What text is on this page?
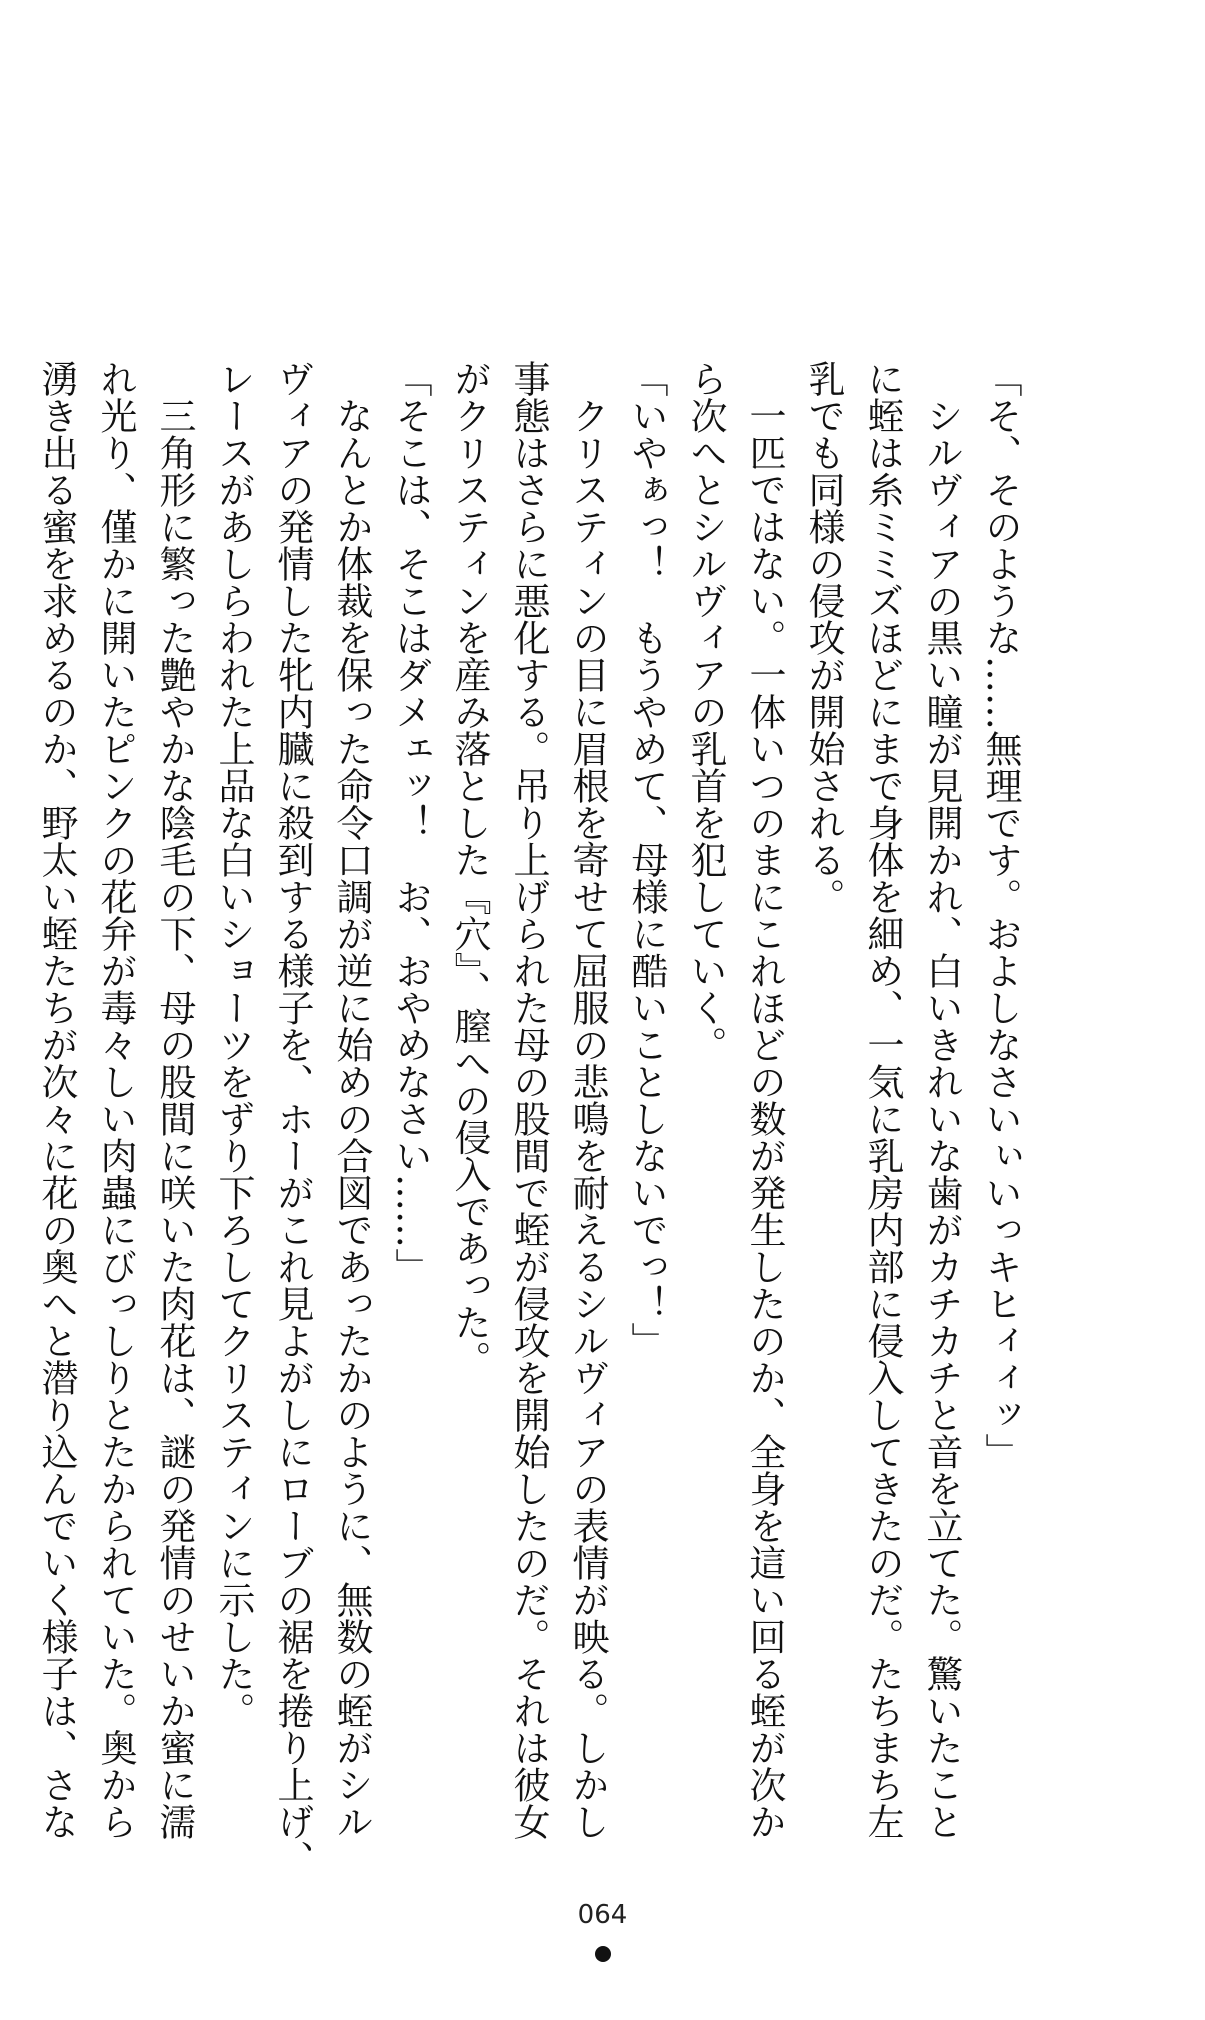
「そ、そのような……無理です。およしなさいぃいっキヒィィッ」

シルヴィアの黒い瞳が見開かれ、白いきれいな歯がカチカチと音を立てた。驚いたこと

に蛭は糸ミミズほどにまで身体を細め、一気に乳房内部に侵入してきたのだ。たちまち左

乳でも同様の侵攻が開始される。

一匹ではない。一体いつのまにこれほどの数が発生したのか、全身を這い回る蛭が次か

ら次へとシルヴィアの乳首を犯していく。

「いやぁっ！　もうやめて、母様に酷いことしないでっ！」

クリスティンの目に眉根を寄せて屈服の悲鳴を耐えるシルヴィアの表情が映る。しかし

事態はさらに悪化する。吊り上げられた母の股間で蛭が侵攻を開始したのだ。それは彼女

がクリスティンを産み落とした『穴』、膣への侵入であった。

「そこは、そこはダメェッ！　お、おやめなさい……」

なんとか体裁を保った命令口調が逆に始めの合図であったかのように、無数の蛭がシル

ヴィアの発情した牝内臓に殺到する様子を、ホーがこれ見よがしにローブの裾を捲り上げ、

レースがあしらわれた上品な白いショーツをずり下ろしてクリスティンに示した。

三角形に繁った艶やかな陰毛の下、母の股間に咲いた肉花は、謎の発情のせいか蜜に濡

れ光り、僅かに開いたピンクの花弁が毒々しい肉蟲にびっしりとたかられていた。奥から

湧き出る蜜を求めるのか、野太い蛭たちが次々に花の奥へと潜り込んでいく様子は、さな

064
